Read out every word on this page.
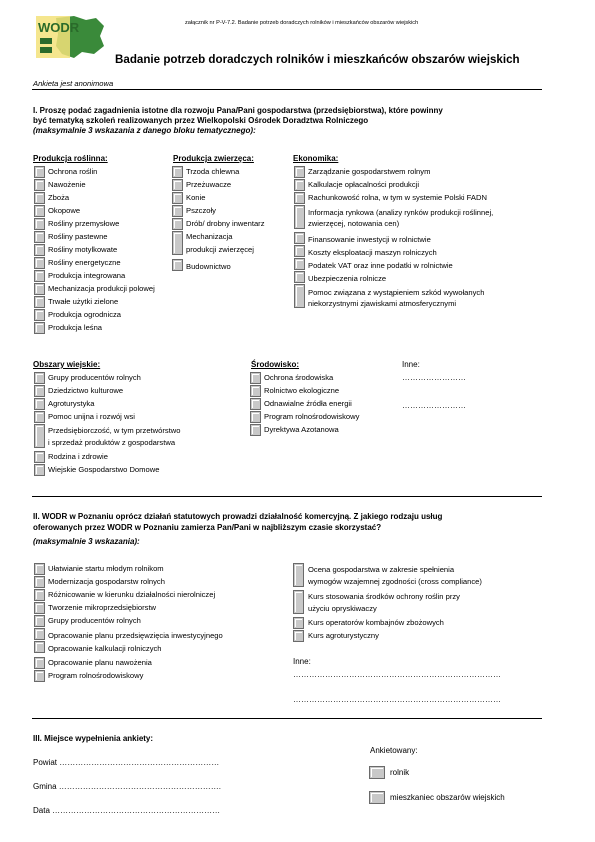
WODR	załącznik nr P-V-7.2. Badanie potrzeb doradczych rolników i mieszkańców obszarów wiejskich
Badanie potrzeb doradczych rolników i mieszkańców obszarów wiejskich
Ankieta jest anonimowa
I. Proszę podać zagadnienia istotne dla rozwoju Pana/Pani gospodarstwa (przedsiębiorstwa), które powinny
być tematyką szkoleń realizowanych przez Wielkopolski Ośrodek Doradztwa Rolniczego
(maksymalnie 3 wskazania z danego bloku tematycznego):
Produkcja roślinna:	Produkcja zwierzęca:	Ekonomika:
Ochrona roślin
Nawożenie
Zboża
Okopowe
Rośliny przemysłowe
Rośliny pastewne
Rośliny motylkowate
Rośliny energetyczne
Produkcja integrowana
Mechanizacja produkcji polowej
Trwałe użytki zielone
Produkcja ogrodnicza
Produkcja leśna
Trzoda chlewna
Przeżuwacze
Konie
Pszczoły
Drób/ drobny inwentarz
Mechanizacja
produkcji zwierzęcej
Budownictwo
Zarządzanie gospodarstwem rolnym
Kalkulacje opłacalności produkcji
Rachunkowość rolna, w tym w systemie Polski FADN
Informacja rynkowa (analizy rynków produkcji roślinnej,
zwierzęcej, notowania cen)
Finansowanie inwestycji w rolnictwie
Koszty eksploatacji maszyn rolniczych
Podatek VAT oraz inne podatki w rolnictwie
Ubezpieczenia rolnicze
Pomoc związana z wystąpieniem szkód wywołanych
niekorzystnymi zjawiskami atmosferycznymi
Obszary wiejskie:	Środowisko:	Inne:
……………………
……………………
Grupy producentów rolnych
Dziedzictwo kulturowe
Agroturystyka
Pomoc unijna i rozwój wsi
Przedsiębiorczość, w tym przetwórstwo
i sprzedaż produktów z gospodarstwa
Rodzina i zdrowie
Wiejskie Gospodarstwo Domowe
Ochrona środowiska
Rolnictwo ekologiczne
Odnawialne źródła energii
Program rolnośrodowiskowy
Dyrektywa Azotanowa
II. WODR w Poznaniu oprócz działań statutowych prowadzi działalność komercyjną. Z jakiego rodzaju usług
oferowanych przez WODR w Poznaniu zamierza Pan/Pani w najbliższym czasie skorzystać?
(maksymalnie 3 wskazania):
Ułatwianie startu młodym rolnikom
Modernizacja gospodarstw rolnych
Różnicowanie w kierunku działalności nierolniczej
Tworzenie mikroprzedsiębiorstw
Grupy producentów rolnych
Opracowanie planu przedsięwzięcia inwestycyjnego
Opracowanie kalkulacji rolniczych
Opracowanie planu nawożenia
Program rolnośrodowiskowy
Ocena gospodarstwa w zakresie spełnienia
wymogów wzajemnej zgodności (cross compliance)
Kurs stosowania środków ochrony roślin przy
użyciu opryskiwaczy
Kurs operatorów kombajnów zbożowych
Kurs agroturystyczny
Inne:
……………………………………………………………………
……………………………………………………………………
III. Miejsce wypełnienia ankiety:
Powiat ……………………………………………………
Gmina …………………………………………………….
Data ………………………………………………………
Ankietowany:
rolnik
mieszkaniec obszarów wiejskich
